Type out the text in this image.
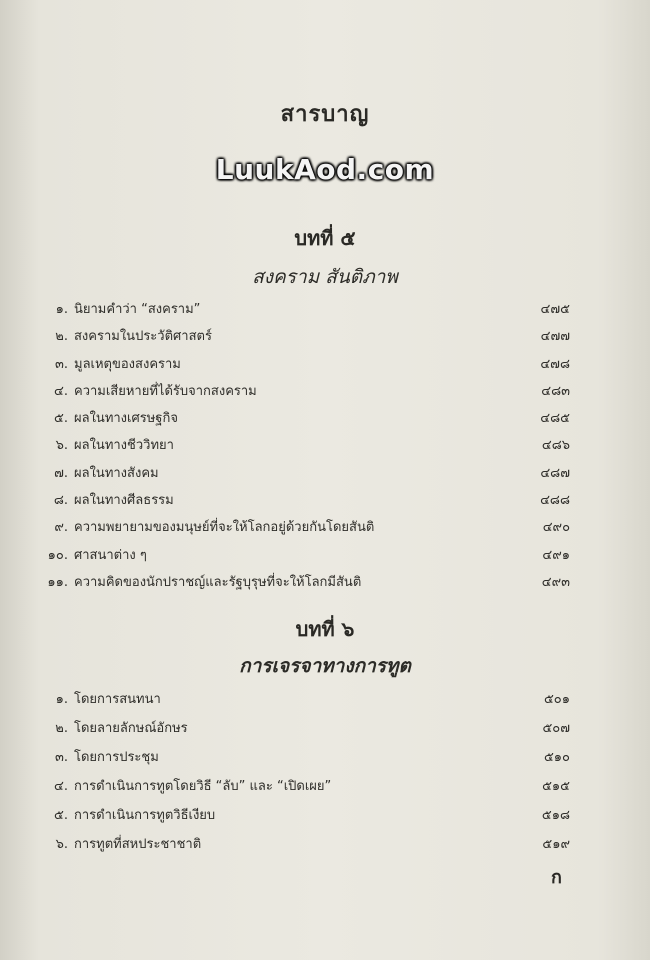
สารบาญ
LuukAod.com
บทที่ ๕
สงคราม สันติภาพ
๑. นิยามคำว่า “สงคราม”	๔๗๕
๒. สงครามในประวัติศาสตร์	๔๗๗
๓. มูลเหตุของสงคราม	๔๗๘
๔. ความเสียหายที่ได้รับจากสงคราม	๔๘๓
๕. ผลในทางเศรษฐกิจ	๔๘๕
๖. ผลในทางชีววิทยา	๔๘๖
๗. ผลในทางสังคม	๔๘๗
๘. ผลในทางศีลธรรม	๔๘๘
๙. ความพยายามของมนุษย์ที่จะให้โลกอยู่ด้วยกันโดยสันติ	๔๙๐
๑๐. ศาสนาต่าง ๆ	๔๙๑
๑๑. ความคิดของนักปราชญ์และรัฐบุรุษที่จะให้โลกมีสันติ	๔๙๓
บทที่ ๖
การเจรจาทางการทูต
๑. โดยการสนทนา	๕๐๑
๒. โดยลายลักษณ์อักษร	๕๐๗
๓. โดยการประชุม	๕๑๐
๔. การดำเนินการทูตโดยวิธี “ลับ” และ “เปิดเผย”	๕๑๕
๕. การดำเนินการทูตวิธีเงียบ	๕๑๘
๖. การทูตที่สหประชาชาติ	๕๑๙
ก
